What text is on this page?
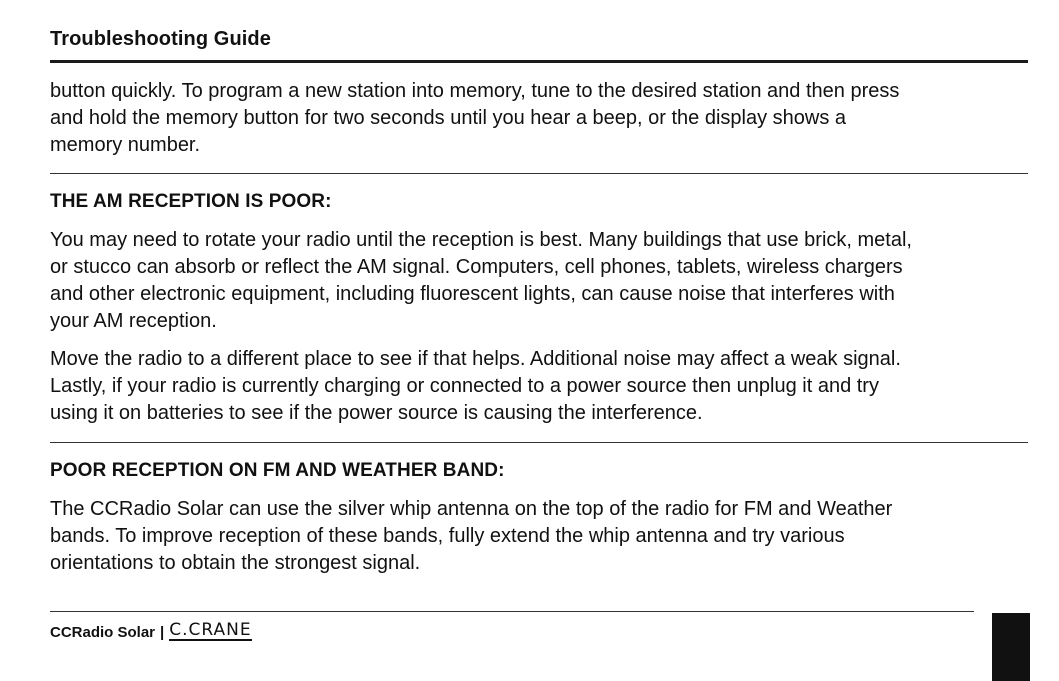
Troubleshooting Guide
button quickly. To program a new station into memory, tune to the desired station and then press
and hold the memory button for two seconds until you hear a beep, or the display shows a
memory number.
THE AM RECEPTION IS POOR:
You may need to rotate your radio until the reception is best. Many buildings that use brick, metal,
or stucco can absorb or reflect the AM signal. Computers, cell phones, tablets, wireless chargers
and other electronic equipment, including fluorescent lights, can cause noise that interferes with
your AM reception.
Move the radio to a different place to see if that helps. Additional noise may affect a weak signal.
Lastly, if your radio is currently charging or connected to a power source then unplug it and try
using it on batteries to see if the power source is causing the interference.
POOR RECEPTION ON FM AND WEATHER BAND:
The CCRadio Solar can use the silver whip antenna on the top of the radio for FM and Weather
bands. To improve reception of these bands, fully extend the whip antenna and try various
orientations to obtain the strongest signal.
CCRadio Solar | C.CRANE
